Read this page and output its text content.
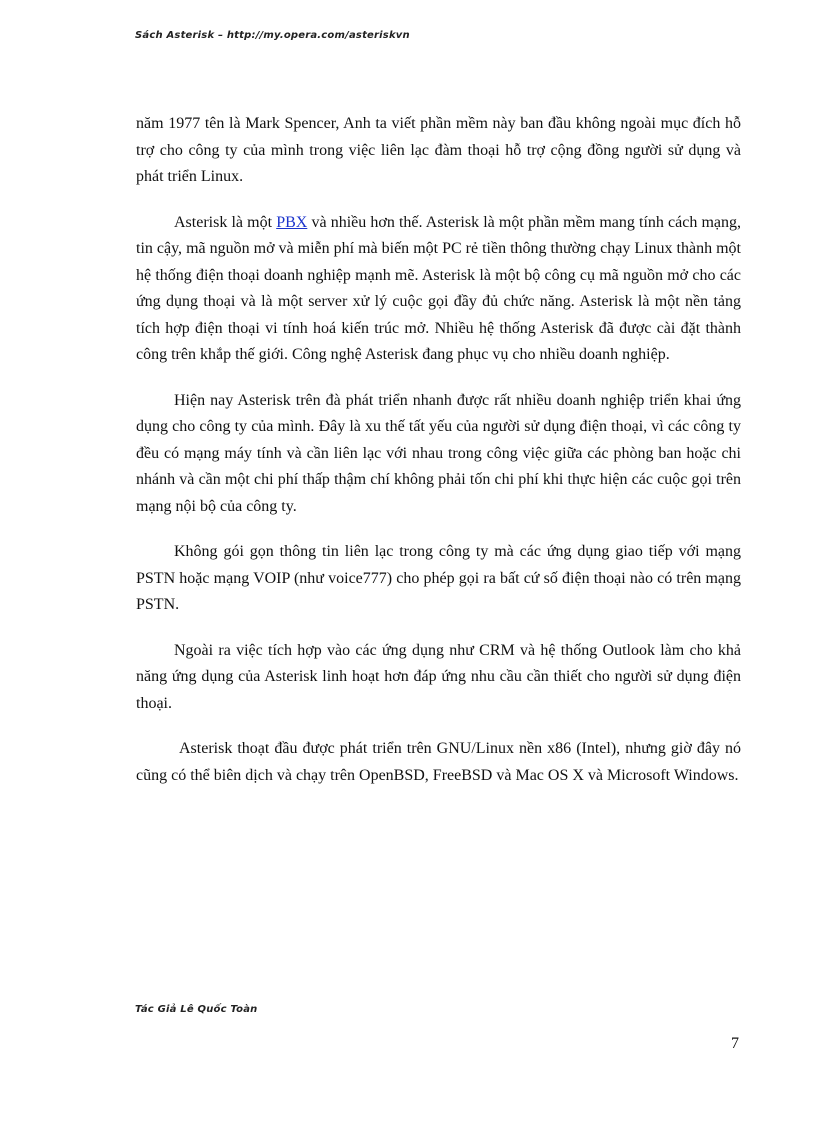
Sách Asterisk – http://my.opera.com/asteriskvn

năm 1977 tên là Mark Spencer, Anh ta viết phần mềm này ban đầu không ngoài mục đích hỗ trợ cho công ty của mình trong việc liên lạc đàm thoại hỗ trợ cộng đồng người sử dụng và phát triển Linux.

Asterisk là một PBX và nhiều hơn thế. Asterisk là một phần mềm mang tính cách mạng, tin cậy, mã nguồn mở và miễn phí mà biến một PC rẻ tiền thông thường chạy Linux thành một hệ thống điện thoại doanh nghiệp mạnh mẽ. Asterisk là một bộ công cụ mã nguồn mở cho các ứng dụng thoại và là một server xử lý cuộc gọi đầy đủ chức năng. Asterisk là một nền tảng tích hợp điện thoại vi tính hoá kiến trúc mở. Nhiều hệ thống Asterisk đã được cài đặt thành công trên khắp thế giới. Công nghệ Asterisk đang phục vụ cho nhiều doanh nghiệp.

Hiện nay Asterisk trên đà phát triển nhanh được rất nhiều doanh nghiệp triển khai ứng dụng cho công ty của mình. Đây là xu thế tất yếu của người sử dụng điện thoại, vì các công ty đều có mạng máy tính và cần liên lạc với nhau trong công việc giữa các phòng ban hoặc chi nhánh và cần một chi phí thấp thậm chí không phải tốn chi phí khi thực hiện các cuộc gọi trên mạng nội bộ của công ty.

Không gói gọn thông tin liên lạc trong công ty mà các ứng dụng giao tiếp với mạng PSTN hoặc mạng VOIP (như voice777) cho phép gọi ra bất cứ số điện thoại nào có trên mạng PSTN.

Ngoài ra việc tích hợp vào các ứng dụng như CRM và hệ thống Outlook làm cho khả năng ứng dụng của Asterisk linh hoạt hơn đáp ứng nhu cầu cần thiết cho người sử dụng điện thoại.

Asterisk thoạt đầu được phát triển trên GNU/Linux nền x86 (Intel), nhưng giờ đây nó cũng có thể biên dịch và chạy trên OpenBSD, FreeBSD và Mac OS X và Microsoft Windows.

Tác Giả Lê Quốc Toàn
7
